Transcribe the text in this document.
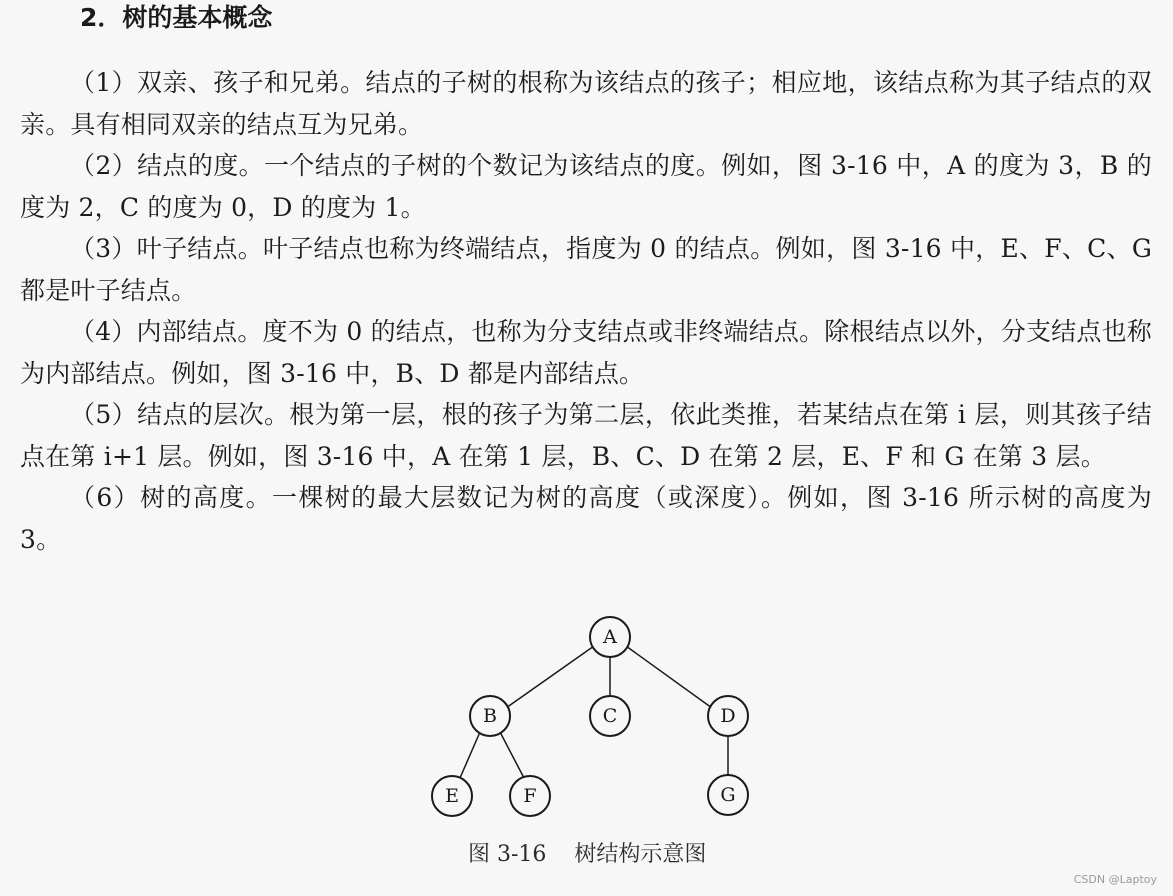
2．树的基本概念

（1）双亲、孩子和兄弟。结点的子树的根称为该结点的孩子；相应地，该结点称为其子结点的双亲。具有相同双亲的结点互为兄弟。

（2）结点的度。一个结点的子树的个数记为该结点的度。例如，图 3-16 中，A 的度为 3，B 的度为 2，C 的度为 0，D 的度为 1。

（3）叶子结点。叶子结点也称为终端结点，指度为 0 的结点。例如，图 3-16 中，E、F、C、G 都是叶子结点。

（4）内部结点。度不为 0 的结点，也称为分支结点或非终端结点。除根结点以外，分支结点也称为内部结点。例如，图 3-16 中，B、D 都是内部结点。

（5）结点的层次。根为第一层，根的孩子为第二层，依此类推，若某结点在第 i 层，则其孩子结点在第 i+1 层。例如，图 3-16 中，A 在第 1 层，B、C、D 在第 2 层，E、F 和 G 在第 3 层。

（6）树的高度。一棵树的最大层数记为树的高度（或深度）。例如，图 3-16 所示树的高度为 3。

A
B	C	D
E	F	G
图 3-16    树结构示意图
CSDN @Laptoy
